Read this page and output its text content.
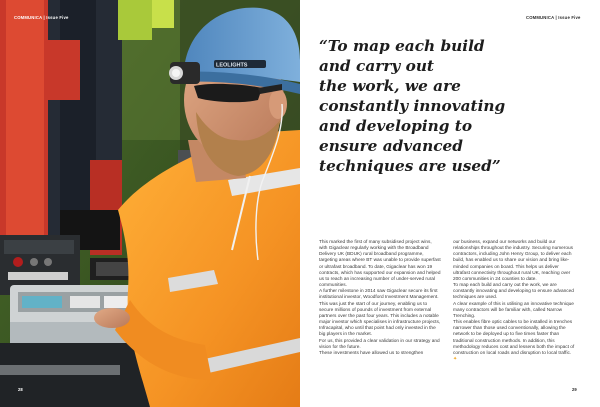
LEOLIGHTS
COMMUNICA | Issue Five	COMMUNICA | Issue Five

“To map each build
and carry out
the work, we are
constantly innovating
and developing to
ensure advanced
techniques are used”

This marked the first of many subsidised project wins, with Gigaclear regularly working with the Broadband Delivery UK (BDUK) rural broadband programme, targeting areas where BT was unable to provide superfast or ultrafast broadband. To date, Gigaclear has won 19 contracts, which has supported our expansion and helped us to reach an increasing number of under-served rural communities.

A further milestone in 2014 saw Gigaclear secure its first institutional investor, Woodford Investment Management.

This was just the start of our journey, enabling us to secure millions of pounds of investment from external partners over the past four years. This includes a notable major investor which specialises in infrastructure projects, Infracapital, who until that point had only invested in the big players in the market.

For us, this provided a clear validation in our strategy and vision for the future.

These investments have allowed us to strengthen

our business, expand our networks and build our relationships throughout the industry. Securing numerous contractors, including John Henry Group, to deliver each build, has enabled us to share our vision and bring like-minded companies on board. This helps us deliver ultrafast connectivity throughout rural UK, reaching over 200 communities in 24 counties to date.

To map each build and carry out the work, we are constantly innovating and developing to ensure advanced techniques are used.

A clear example of this is utilising an innovative technique many contractors will be familiar with, called Narrow Trenching.

This enables fibre optic cables to be installed in trenches narrower than those used conventionally, allowing the network to be deployed up to five times faster than traditional construction methods. In addition, this methodology reduces cost and lessens both the impact of construction on local roads and disruption to local traffic. ✦

28	29
